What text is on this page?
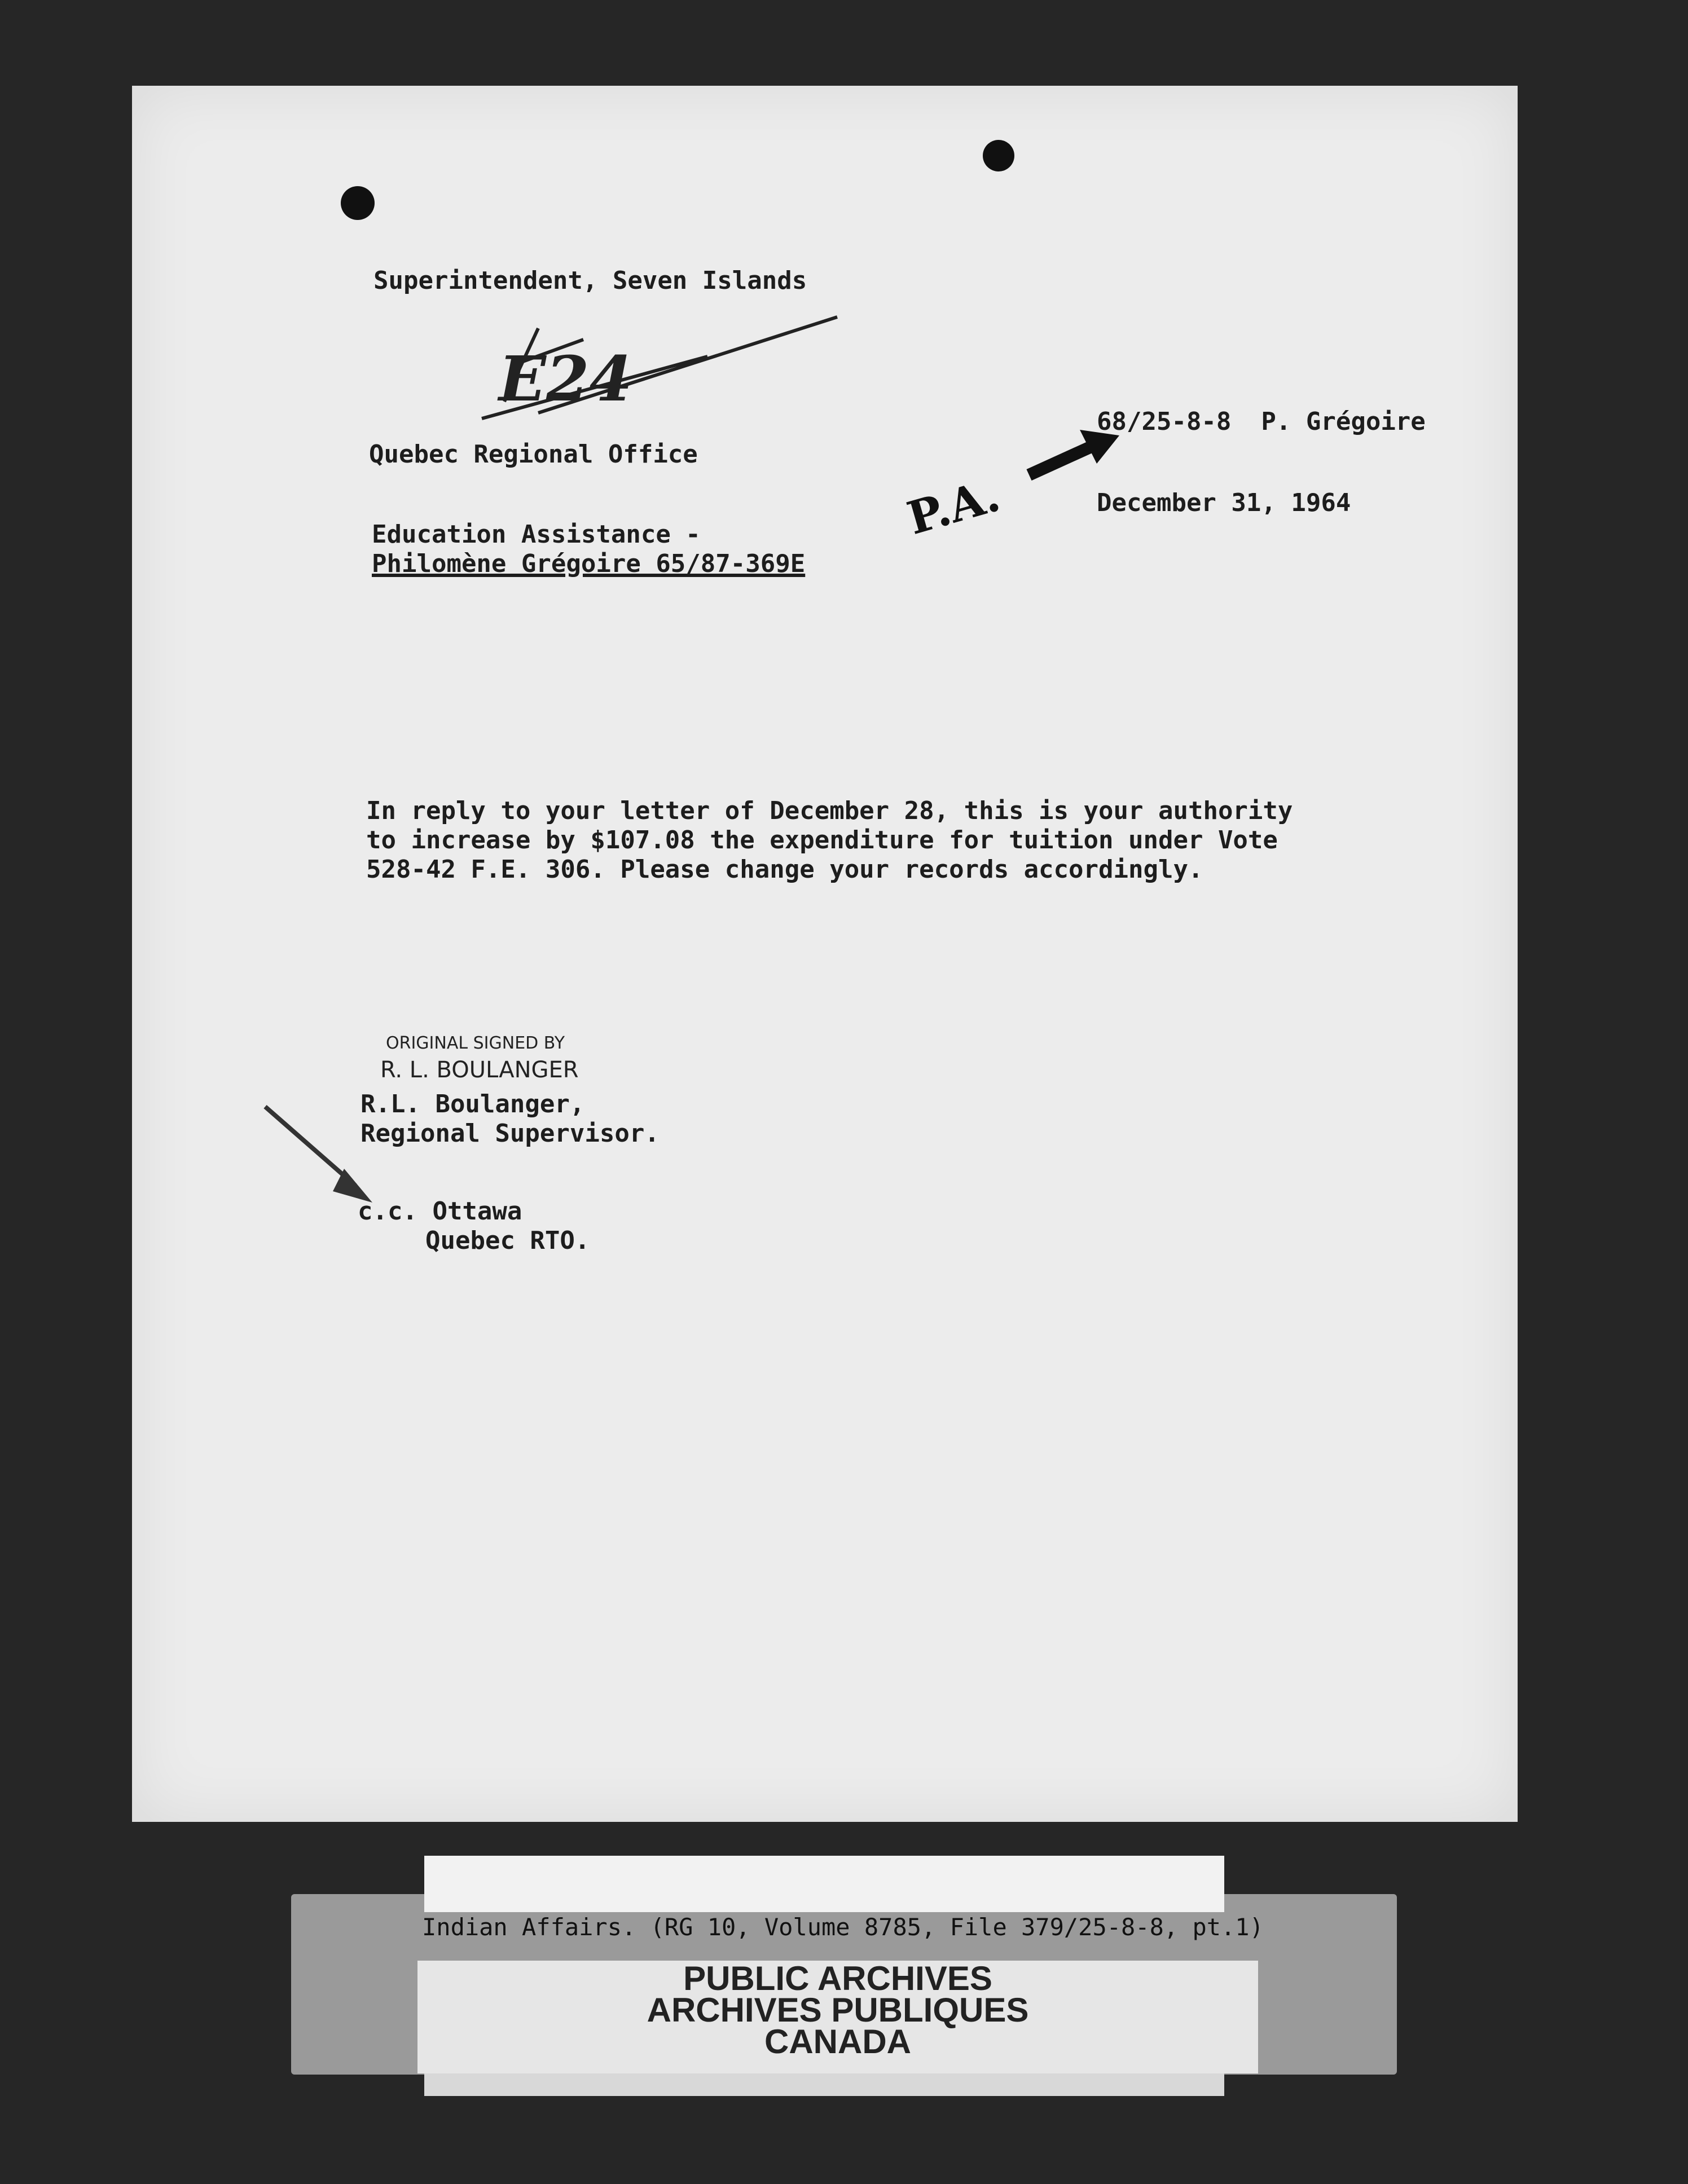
Superintendent, Seven Islands
E24
Quebec Regional Office
68/25-8-8  P. Grégoire
December 31, 1964
P.A.
Education Assistance -
Philomène Grégoire 65/87-369E
In reply to your letter of December 28, this is your authority
to increase by $107.08 the expenditure for tuition under Vote
528-42 F.E. 306. Please change your records accordingly.
ORIGINAL SIGNED BY
R. L. BOULANGER
R.L. Boulanger,
Regional Supervisor.
c.c. Ottawa
Quebec RTO.
Indian Affairs. (RG 10, Volume 8785, File 379/25-8-8, pt.1)
PUBLIC ARCHIVES
ARCHIVES PUBLIQUES
CANADA
